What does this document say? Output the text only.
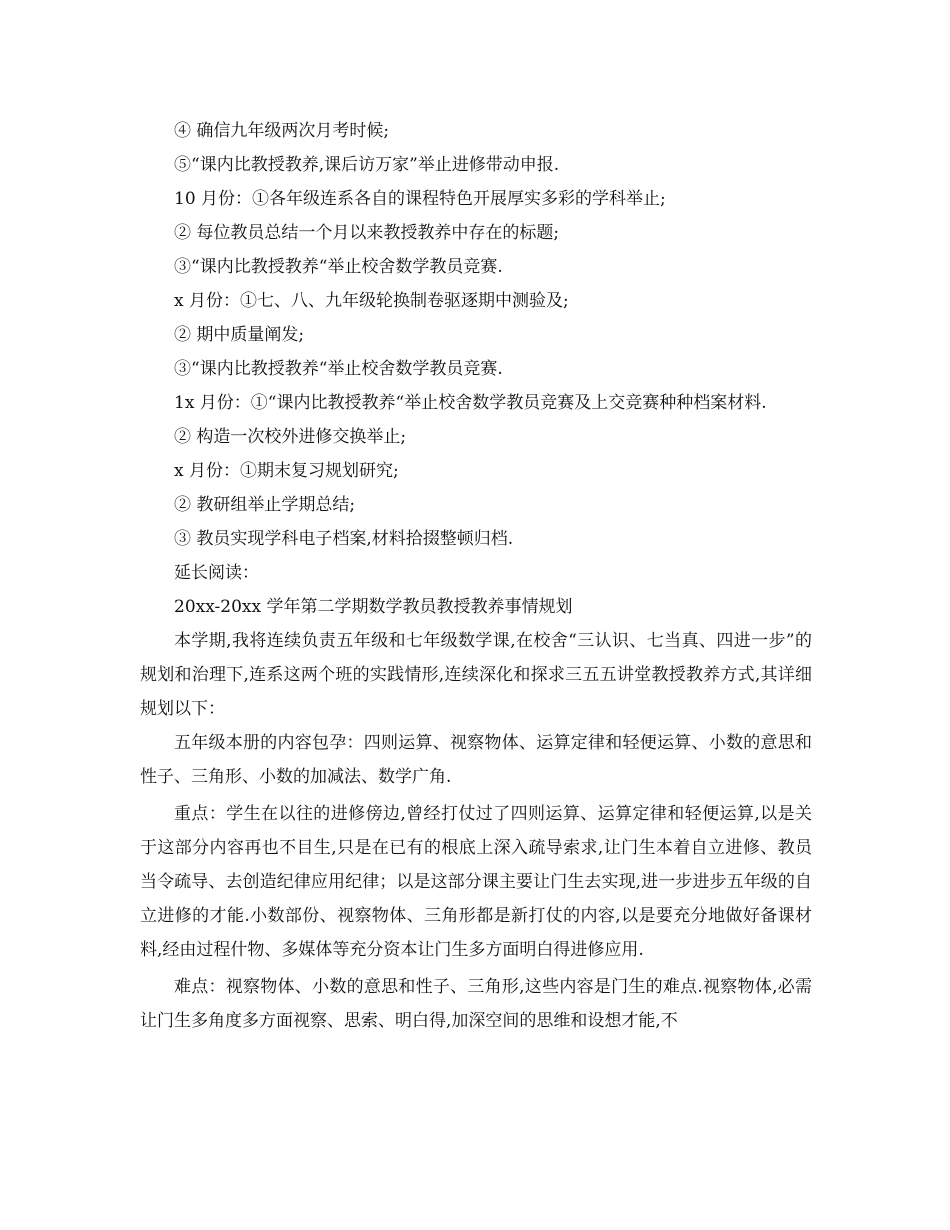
④ 确信九年级两次月考时候;

⑤“课内比教授教养,课后访万家”举止进修带动申报.

10 月份：①各年级连系各自的课程特色开展厚实多彩的学科举止;

② 每位教员总结一个月以来教授教养中存在的标题;

③“课内比教授教养“举止校舍数学教员竞赛.

x 月份：①七、八、九年级轮换制卷驱逐期中测验及;

② 期中质量阐发;

③“课内比教授教养“举止校舍数学教员竞赛.

1x 月份：①“课内比教授教养“举止校舍数学教员竞赛及上交竞赛种种档案材料.

② 构造一次校外进修交换举止;

x 月份：①期末复习规划研究;

② 教研组举止学期总结;

③ 教员实现学科电子档案,材料拾掇整顿归档.

延长阅读：

20xx-20xx 学年第二学期数学教员教授教养事情规划

本学期,我将连续负责五年级和七年级数学课,在校舍“三认识、七当真、四进一步”的规划和治理下,连系这两个班的实践情形,连续深化和探求三五五讲堂教授教养方式,其详细规划以下：

五年级本册的内容包孕：四则运算、视察物体、运算定律和轻便运算、小数的意思和性子、三角形、小数的加减法、数学广角.

重点：学生在以往的进修傍边,曾经打仗过了四则运算、运算定律和轻便运算,以是关于这部分内容再也不目生,只是在已有的根底上深入疏导索求,让门生本着自立进修、教员当令疏导、去创造纪律应用纪律；以是这部分课主要让门生去实现,进一步进步五年级的自立进修的才能.小数部份、视察物体、三角形都是新打仗的内容,以是要充分地做好备课材料,经由过程什物、多媒体等充分资本让门生多方面明白得进修应用.

难点：视察物体、小数的意思和性子、三角形,这些内容是门生的难点.视察物体,必需让门生多角度多方面视察、思索、明白得,加深空间的思维和设想才能,不
